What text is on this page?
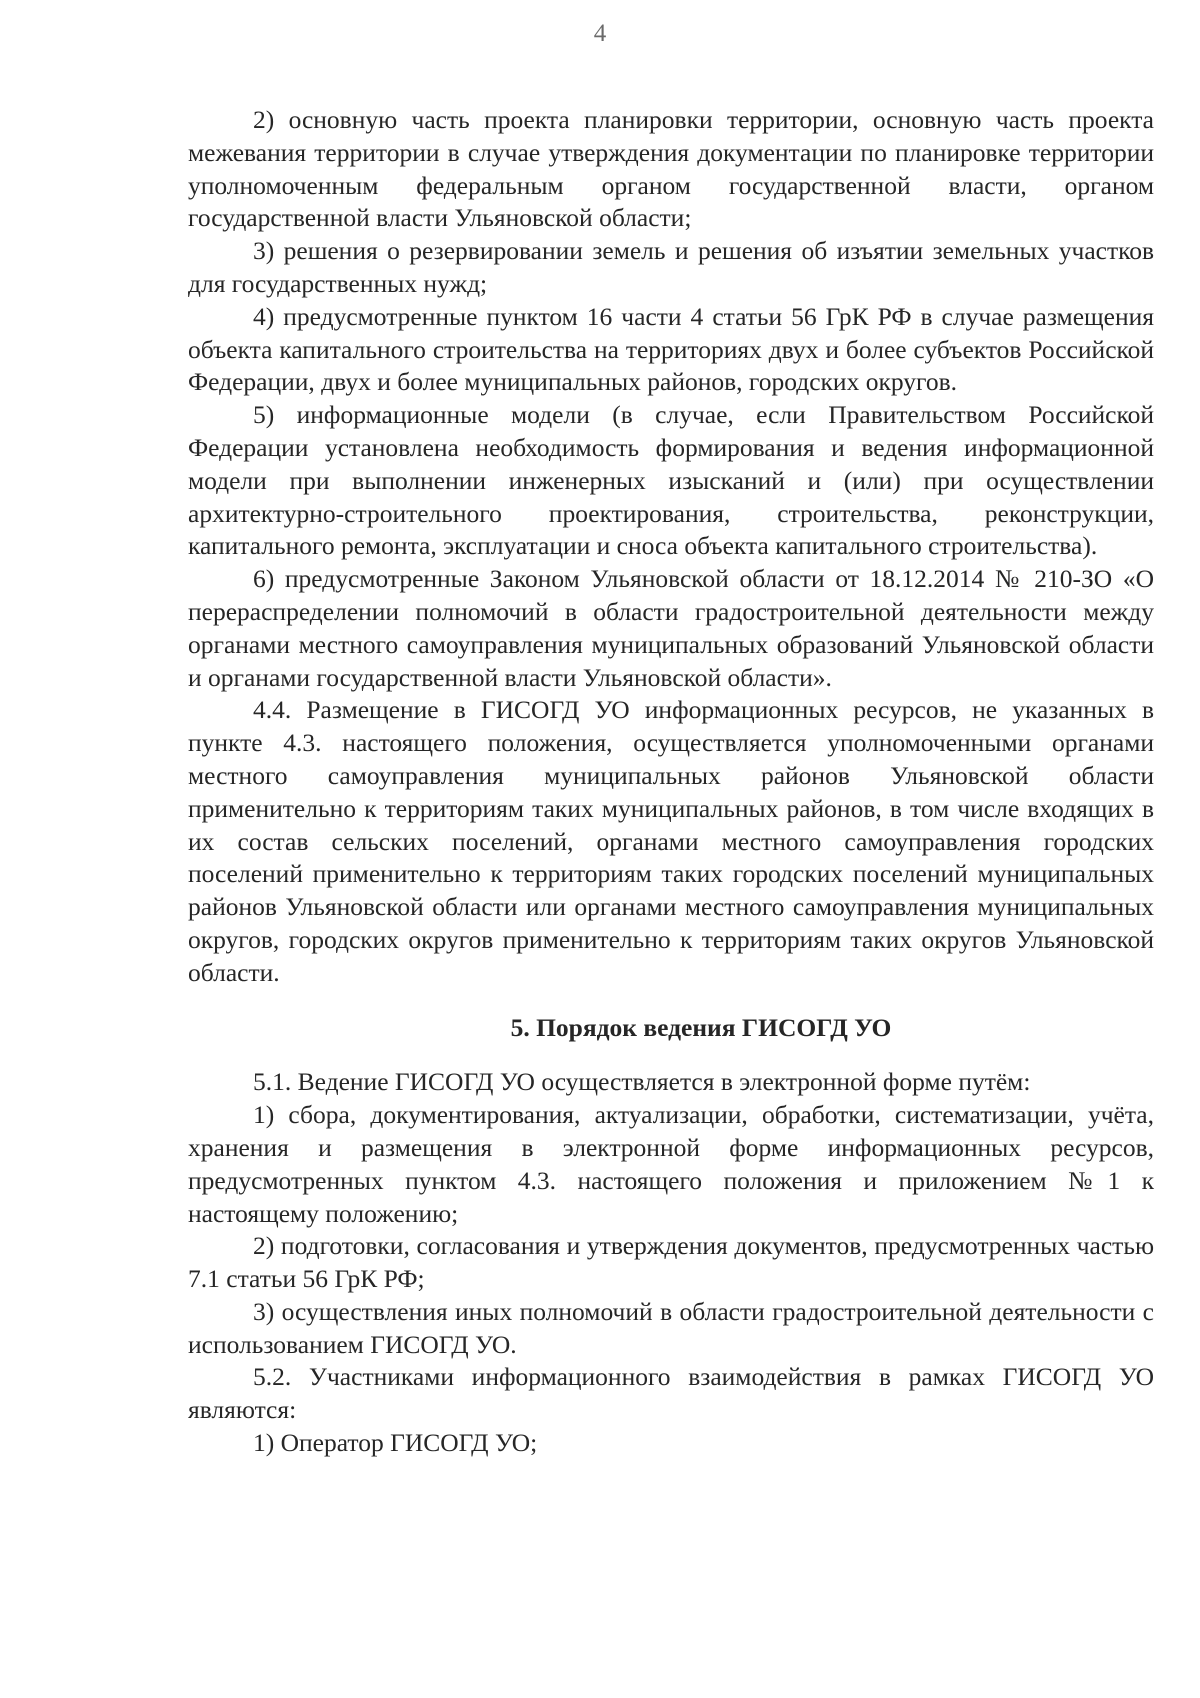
4

2) основную часть проекта планировки территории, основную часть проекта межевания территории в случае утверждения документации по планировке территории уполномоченным федеральным органом государственной власти, органом государственной власти Ульяновской области;

3) решения о резервировании земель и решения об изъятии земельных участков для государственных нужд;

4) предусмотренные пунктом 16 части 4 статьи 56 ГрК РФ в случае размещения объекта капитального строительства на территориях двух и более субъектов Российской Федерации, двух и более муниципальных районов, городских округов.

5) информационные модели (в случае, если Правительством Российской Федерации установлена необходимость формирования и ведения информационной модели при выполнении инженерных изысканий и (или) при осуществлении архитектурно-строительного проектирования, строительства, реконструкции, капитального ремонта, эксплуатации и сноса объекта капитального строительства).

6) предусмотренные Законом Ульяновской области от 18.12.2014 № 210-ЗО «О перераспределении полномочий в области градостроительной деятельности между органами местного самоуправления муниципальных образований Ульяновской области и органами государственной власти Ульяновской области».

4.4. Размещение в ГИСОГД УО информационных ресурсов, не указанных в пункте 4.3. настоящего положения, осуществляется уполномоченными органами местного самоуправления муниципальных районов Ульяновской области применительно к территориям таких муниципальных районов, в том числе входящих в их состав сельских поселений, органами местного самоуправления городских поселений применительно к территориям таких городских поселений муниципальных районов Ульяновской области или органами местного самоуправления муниципальных округов, городских округов применительно к территориям таких округов Ульяновской области.

5. Порядок ведения ГИСОГД УО

5.1. Ведение ГИСОГД УО осуществляется в электронной форме путём:

1) сбора, документирования, актуализации, обработки, систематизации, учёта, хранения и размещения в электронной форме информационных ресурсов, предусмотренных пунктом 4.3. настоящего положения и приложением №1 к настоящему положению;

2) подготовки, согласования и утверждения документов, предусмотренных частью 7.1 статьи 56 ГрК РФ;

3) осуществления иных полномочий в области градостроительной деятельности с использованием ГИСОГД УО.

5.2. Участниками информационного взаимодействия в рамках ГИСОГД УО являются:

1) Оператор ГИСОГД УО;
